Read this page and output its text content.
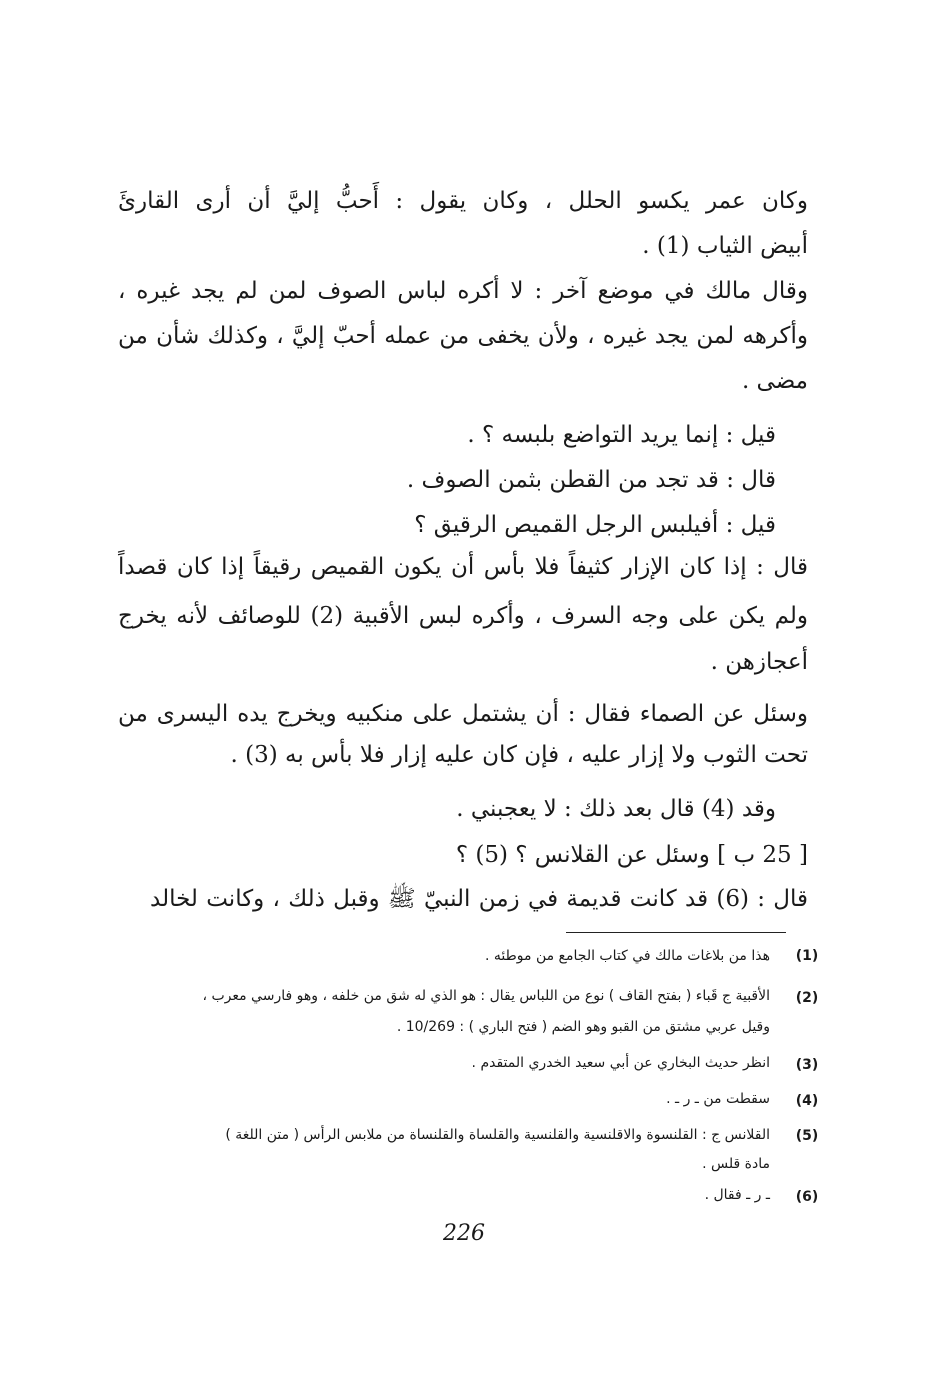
وكان عمر يكسو الحلل ، وكان يقول : أَحبُّ إليَّ أن أرى القارئَ
أبيض الثياب (1) .
وقال مالك في موضع آخر : لا أكره لباس الصوف لمن لم يجد غيره ،
وأكرهه لمن يجد غيره ، ولأن يخفى من عمله أحبّ إليَّ ، وكذلك شأن من
مضى .
قيل : إنما يريد التواضع بلبسه ؟ .
قال : قد تجد من القطن بثمن الصوف .
قيل : أفيلبس الرجل القميص الرقيق ؟
قال : إذا كان الإزار كثيفاً فلا بأس أن يكون القميص رقيقاً إذا كان قصداً
ولم يكن على وجه السرف ، وأكره لبس الأقبية (2) للوصائف لأنه يخرج
أعجازهن .
وسئل عن الصماء فقال : أن يشتمل على منكبيه ويخرج يده اليسرى من
تحت الثوب ولا إزار عليه ، فإن كان عليه إزار فلا بأس به (3) .
وقد (4) قال بعد ذلك : لا يعجبني .
[ 25 ب ] وسئل عن القلانس ؟ (5) ؟
قال : (6) قد كانت قديمة في زمن النبيّ ﷺ وقبل ذلك ، وكانت لخالد
(1)
هذا من بلاغات مالك في كتاب الجامع من موطئه .
(2)
الأقبية ج قَباء ( بفتح القاف ) نوع من اللباس يقال : هو الذي له شق من خلفه ، وهو فارسي معرب ،
وقيل عربي مشتق من القبو وهو الضم ( فتح الباري ) : 10/269 .
(3)
انظر حديث البخاري عن أبي سعيد الخدري المتقدم .
(4)
سقطت من ـ ر ـ .
(5)
القلانس ج : القلنسوة والاقلنسية والقلنسية والقلساة والقلنساة من ملابس الرأس ( متن اللغة )
مادة قلس .
(6)
ـ ر ـ فقال .
226
